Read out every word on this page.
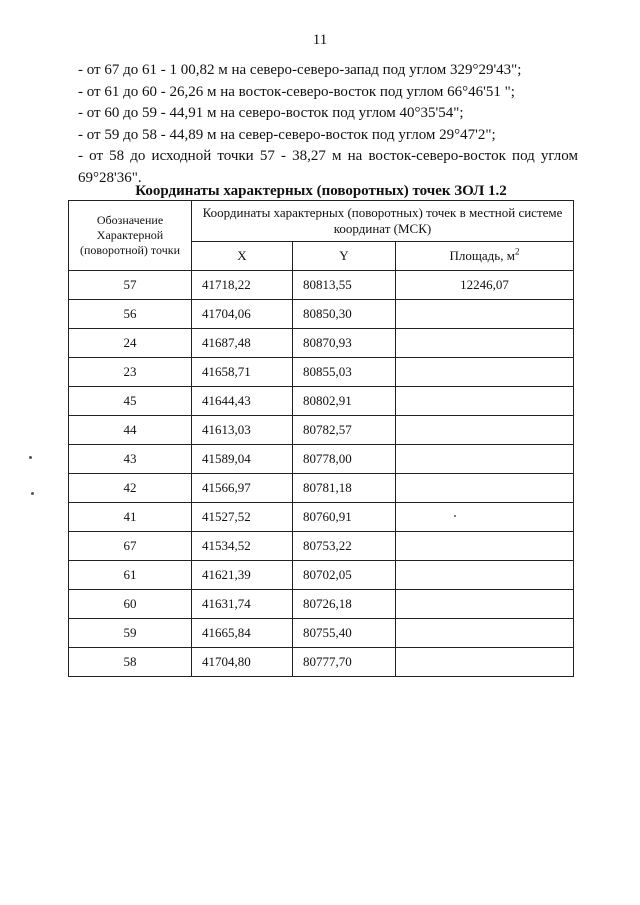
11

- от 67 до 61 - 1 00,82 м на северо-северо-запад под углом 329°29'43";

- от 61 до 60 - 26,26 м на восток-северо-восток под углом 66°46'51 ";

- от 60 до 59 - 44,91 м на северо-восток под углом 40°35'54";

- от 59 до 58 - 44,89 м на север-северо-восток под углом 29°47'2";

- от 58 до исходной точки 57 - 38,27 м на восток-северо-восток под углом 69°28'36".

Координаты характерных (поворотных) точек ЗОЛ 1.2
Обозначение Характерной (поворотной) точки	Координаты характерных (поворотных) точек в местной системе координат (МСК)		
	X	Y	Площадь, $м^2$
57	41718,22	80813,55	12246,07
56	41704,06	80850,30	
24	41687,48	80870,93	
23	41658,71	80855,03	
45	41644,43	80802,91	
44	41613,03	80782,57	
43	41589,04	80778,00	
42	41566,97	80781,18	
41	41527,52	80760,91	
67	41534,52	80753,22	
61	41621,39	80702,05	
60	41631,74	80726,18	
59	41665,84	80755,40	
58	41704,80	80777,70	
